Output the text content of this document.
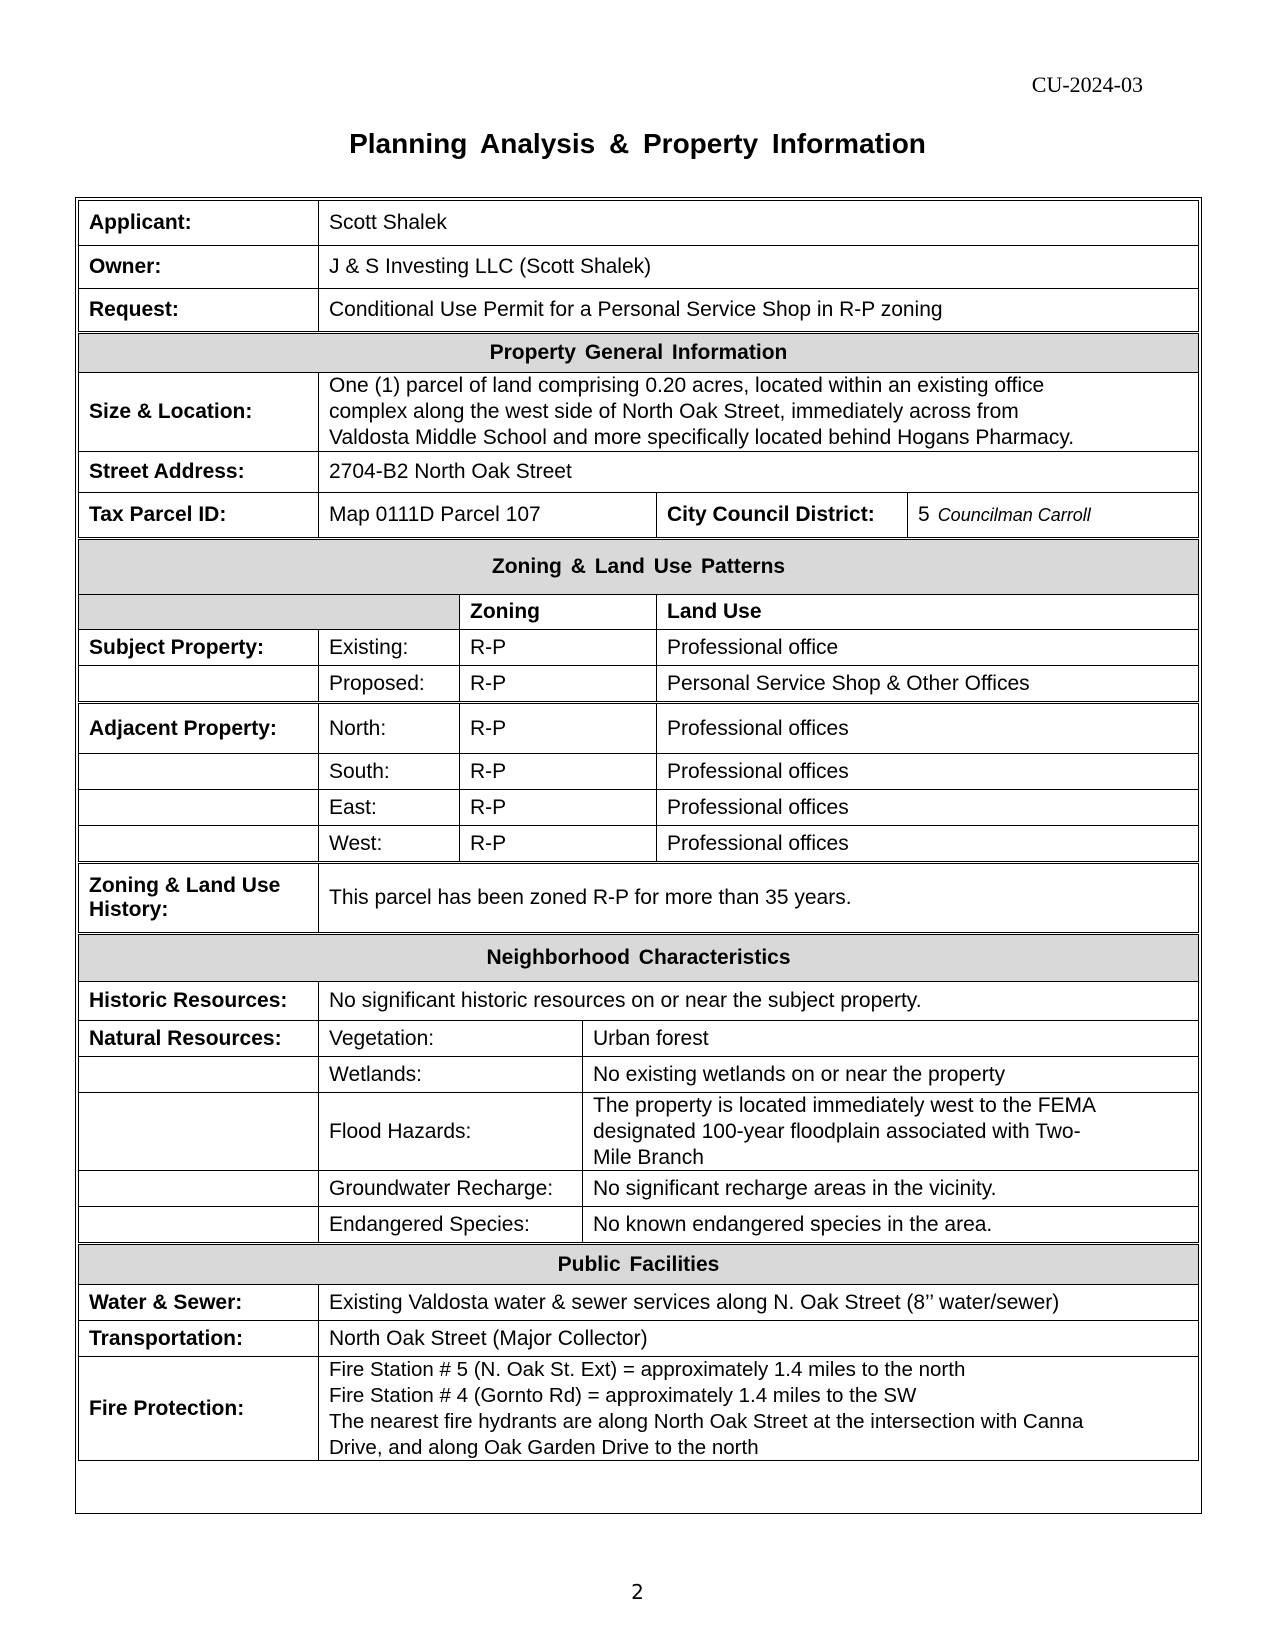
CU-2024-03
Planning Analysis & Property Information
Applicant:	Scott Shalek
Owner:	J & S Investing LLC (Scott Shalek)
Request:	Conditional Use Permit for a Personal Service Shop in R-P zoning
Property General Information
Size & Location:
One (1) parcel of land comprising 0.20 acres, located within an existing office
complex along the west side of North Oak Street, immediately across from
Valdosta Middle School and more specifically located behind Hogans Pharmacy.
Street Address:	2704-B2 North Oak Street
Tax Parcel ID:	Map 0111D Parcel 107	City Council District:	5 Councilman Carroll
Zoning & Land Use Patterns
Zoning	Land Use
Subject Property:	Existing:	R-P	Professional office
Proposed:	R-P	Personal Service Shop & Other Offices
Adjacent Property:	North:	R-P	Professional offices
South:	R-P	Professional offices
East:	R-P	Professional offices
West:	R-P	Professional offices
Zoning & Land Use
History:
This parcel has been zoned R-P for more than 35 years.
Neighborhood Characteristics
Historic Resources:	No significant historic resources on or near the subject property.
Natural Resources:	Vegetation:	Urban forest
Wetlands:	No existing wetlands on or near the property
Flood Hazards:
The property is located immediately west to the FEMA
designated 100-year floodplain associated with Two-
Mile Branch
Groundwater Recharge:	No significant recharge areas in the vicinity.
Endangered Species:	No known endangered species in the area.
Public Facilities
Water & Sewer:	Existing Valdosta water & sewer services along N. Oak Street (8’’ water/sewer)
Transportation:	North Oak Street (Major Collector)
Fire Protection:
Fire Station # 5 (N. Oak St. Ext) = approximately 1.4 miles to the north
Fire Station # 4 (Gornto Rd) = approximately 1.4 miles to the SW
The nearest fire hydrants are along North Oak Street at the intersection with Canna
Drive, and along Oak Garden Drive to the north
2
